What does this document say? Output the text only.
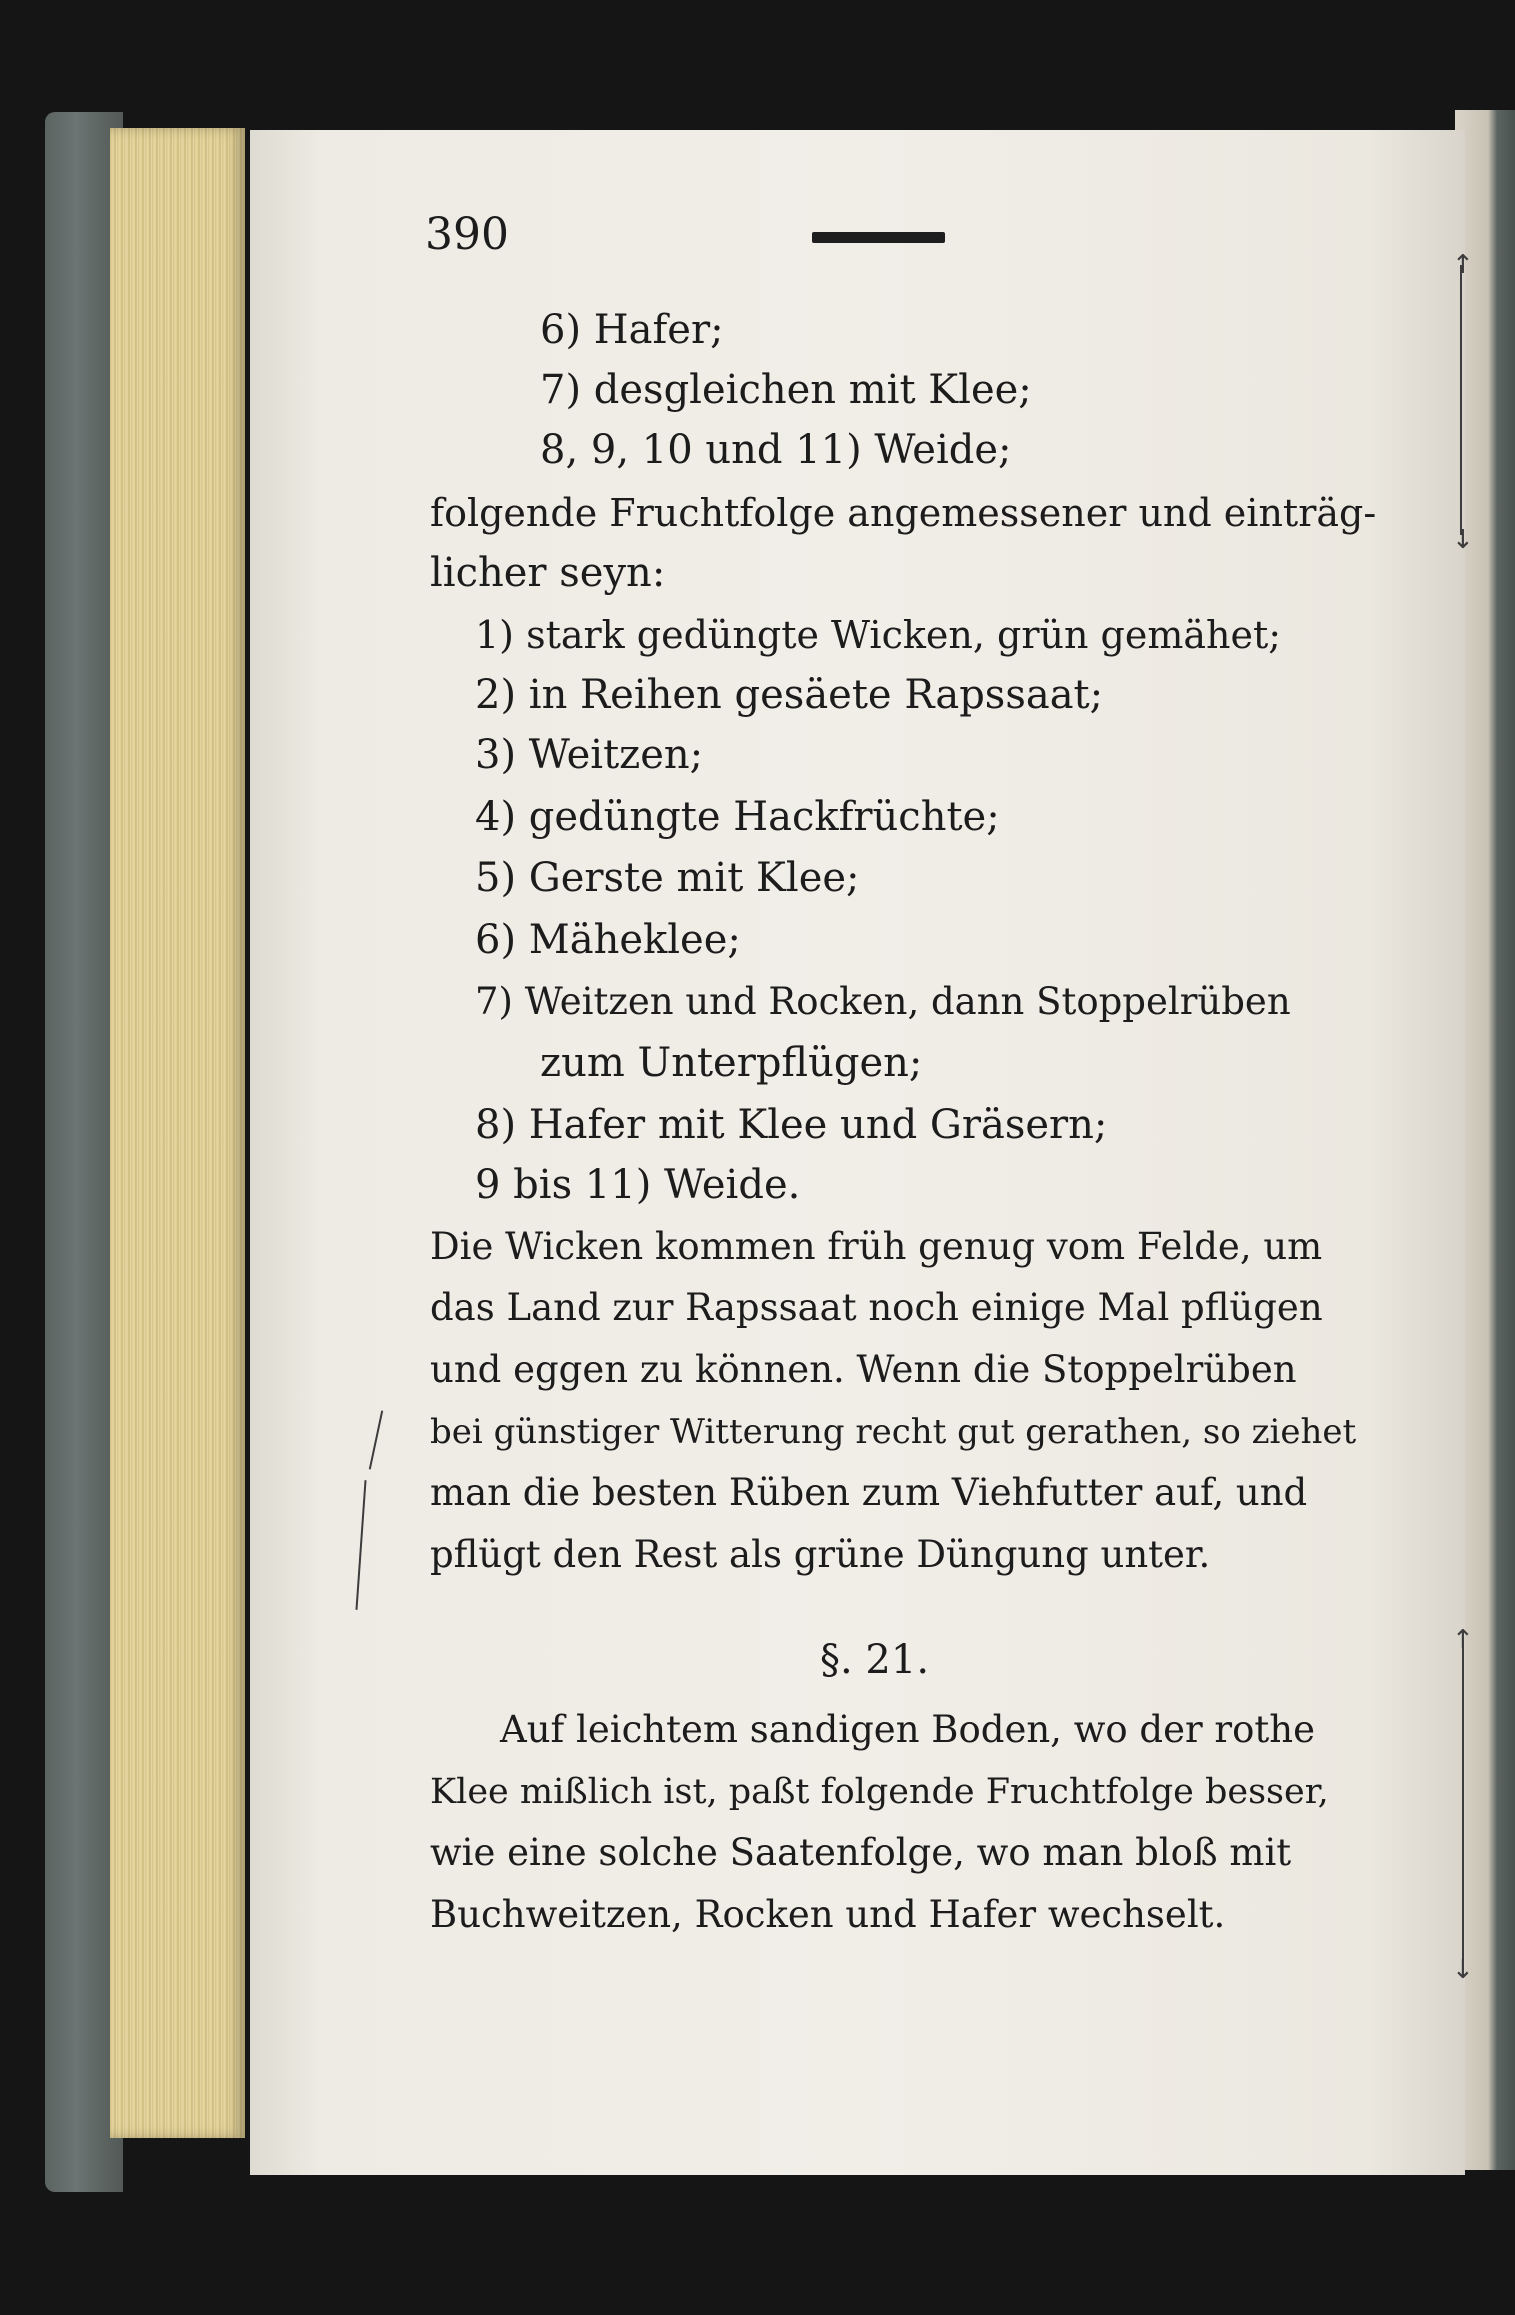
390
6) Hafer;
7) desgleichen mit Klee;
8, 9, 10 und 11) Weide;
folgende Fruchtfolge angemessener und einträg-
licher seyn:
1) stark gedüngte Wicken, grün gemähet;
2) in Reihen gesäete Rapssaat;
3) Weitzen;
4) gedüngte Hackfrüchte;
5) Gerste mit Klee;
6) Mäheklee;
7) Weitzen und Rocken, dann Stoppelrüben
zum Unterpflügen;
8) Hafer mit Klee und Gräsern;
9 bis 11) Weide.
Die Wicken kommen früh genug vom Felde, um
das Land zur Rapssaat noch einige Mal pflügen
und eggen zu können. Wenn die Stoppelrüben
bei günstiger Witterung recht gut gerathen, so ziehet
man die besten Rüben zum Viehfutter auf, und
pflügt den Rest als grüne Düngung unter.
§. 21.
Auf leichtem sandigen Boden, wo der rothe
Klee mißlich ist, paßt folgende Fruchtfolge besser,
wie eine solche Saatenfolge, wo man bloß mit
Buchweitzen, Rocken und Hafer wechselt.
↑
↓
↑
↓
